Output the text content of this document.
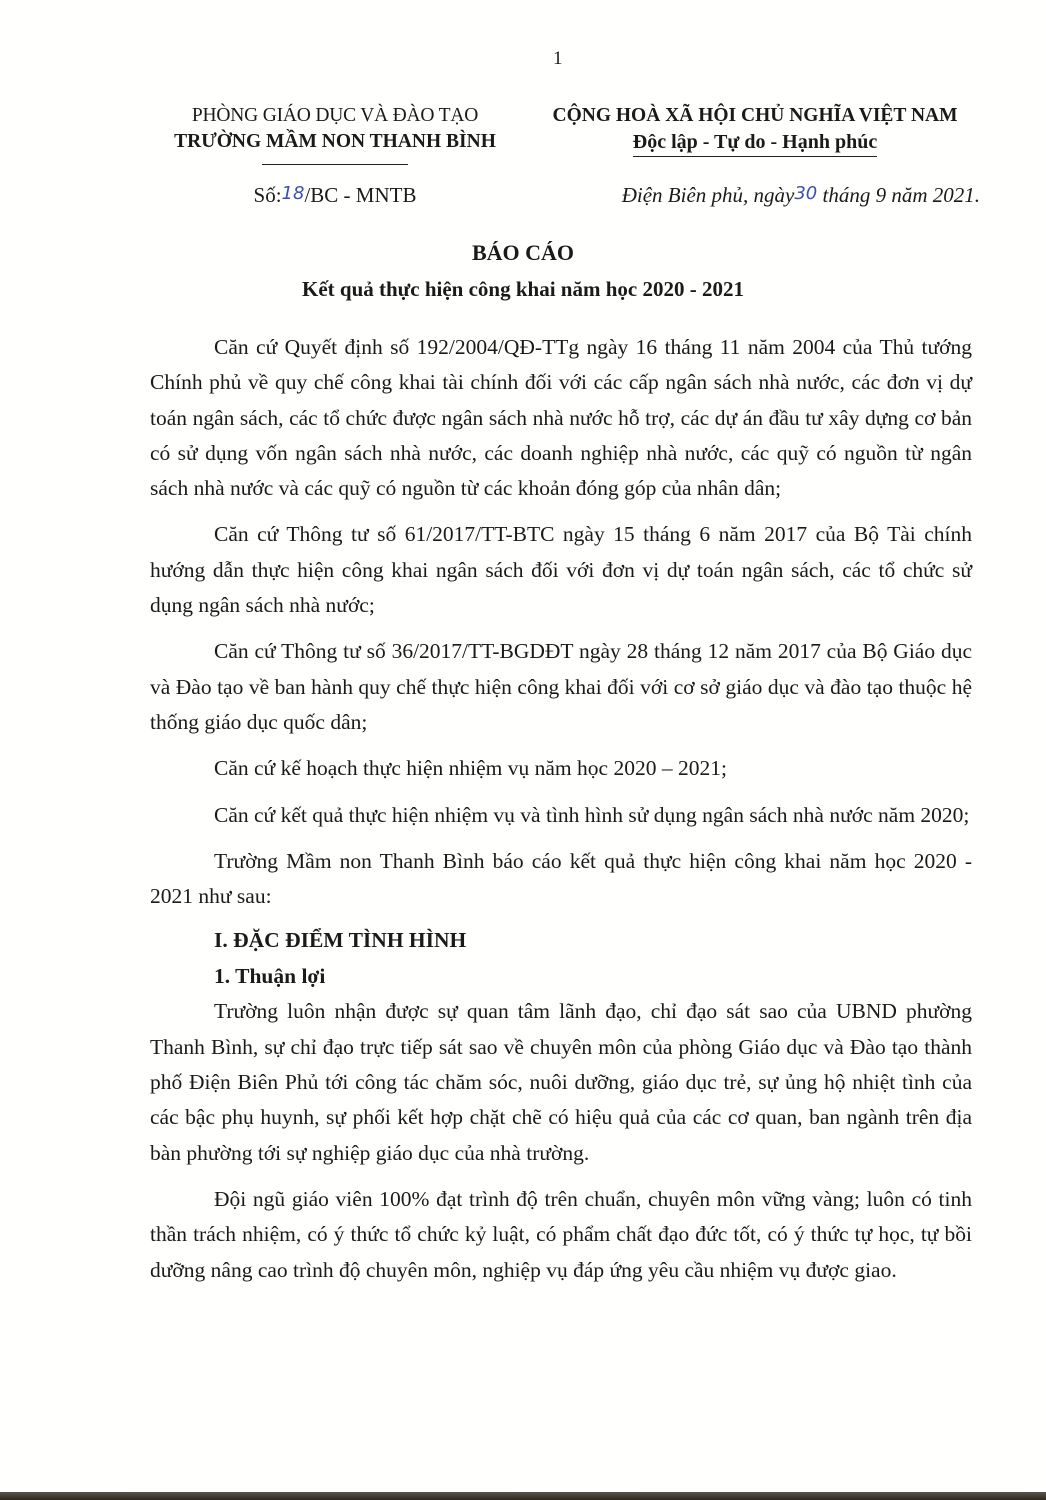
1
PHÒNG GIÁO DỤC VÀ ĐÀO TẠO
TRƯỜNG MẦM NON THANH BÌNH
CỘNG HOÀ XÃ HỘI CHỦ NGHĨA VIỆT NAM
Độc lập - Tự do - Hạnh phúc
Số:18/BC - MNTB	Điện Biên phủ, ngày30 tháng 9 năm 2021.
BÁO CÁO
Kết quả thực hiện công khai năm học 2020 - 2021

Căn cứ Quyết định số 192/2004/QĐ-TTg ngày 16 tháng 11 năm 2004 của Thủ tướng Chính phủ về quy chế công khai tài chính đối với các cấp ngân sách nhà nước, các đơn vị dự toán ngân sách, các tổ chức được ngân sách nhà nước hỗ trợ, các dự án đầu tư xây dựng cơ bản có sử dụng vốn ngân sách nhà nước, các doanh nghiệp nhà nước, các quỹ có nguồn từ ngân sách nhà nước và các quỹ có nguồn từ các khoản đóng góp của nhân dân;

Căn cứ Thông tư số 61/2017/TT-BTC ngày 15 tháng 6 năm 2017 của Bộ Tài chính hướng dẫn thực hiện công khai ngân sách đối với đơn vị dự toán ngân sách, các tổ chức sử dụng ngân sách nhà nước;

Căn cứ Thông tư số 36/2017/TT-BGDĐT ngày 28 tháng 12 năm 2017 của Bộ Giáo dục và Đào tạo về ban hành quy chế thực hiện công khai đối với cơ sở giáo dục và đào tạo thuộc hệ thống giáo dục quốc dân;

Căn cứ kế hoạch thực hiện nhiệm vụ năm học 2020 – 2021;

Căn cứ kết quả thực hiện nhiệm vụ và tình hình sử dụng ngân sách nhà nước năm 2020;

Trường Mầm non Thanh Bình báo cáo kết quả thực hiện công khai năm học 2020 - 2021 như sau:

I. ĐẶC ĐIỂM TÌNH HÌNH
1. Thuận lợi

Trường luôn nhận được sự quan tâm lãnh đạo, chỉ đạo sát sao của UBND phường Thanh Bình, sự chỉ đạo trực tiếp sát sao về chuyên môn của phòng Giáo dục và Đào tạo thành phố Điện Biên Phủ tới công tác chăm sóc, nuôi dưỡng, giáo dục trẻ, sự ủng hộ nhiệt tình của các bậc phụ huynh, sự phối kết hợp chặt chẽ có hiệu quả của các cơ quan, ban ngành trên địa bàn phường tới sự nghiệp giáo dục của nhà trường.

Đội ngũ giáo viên 100% đạt trình độ trên chuẩn, chuyên môn vững vàng; luôn có tinh thần trách nhiệm, có ý thức tổ chức kỷ luật, có phẩm chất đạo đức tốt, có ý thức tự học, tự bồi dưỡng nâng cao trình độ chuyên môn, nghiệp vụ đáp ứng yêu cầu nhiệm vụ được giao.
